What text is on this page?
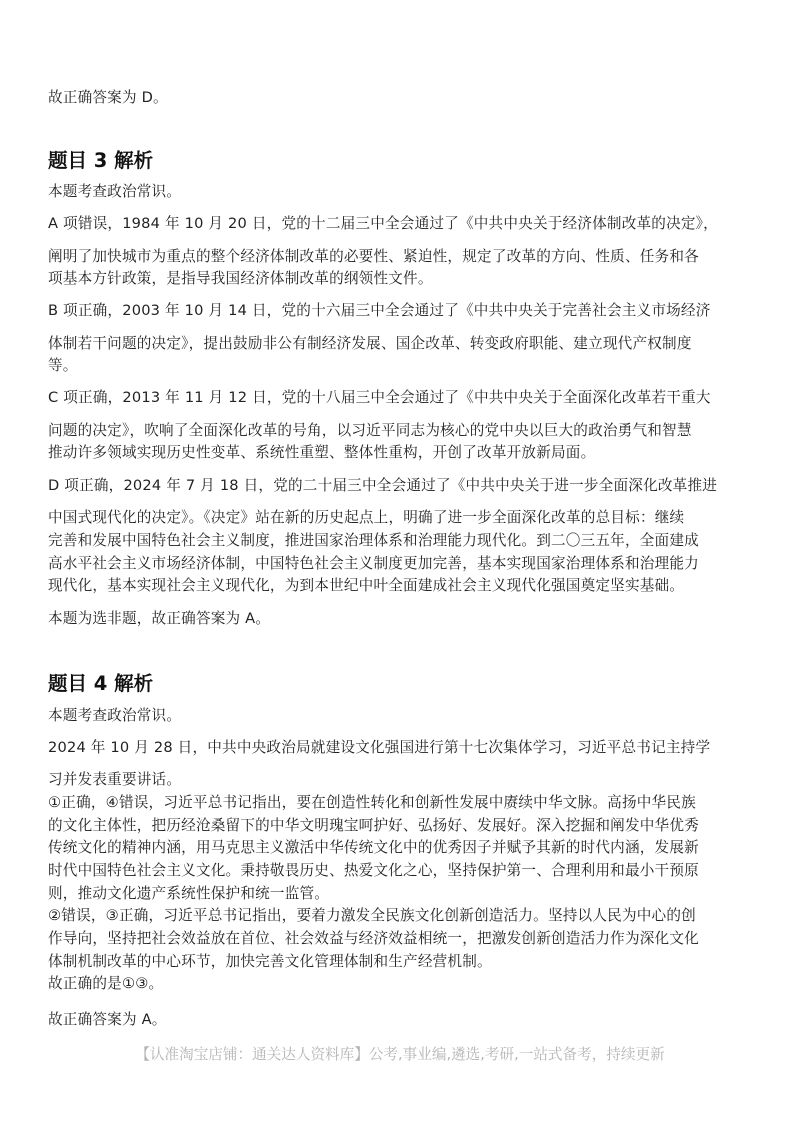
故正确答案为 D。
题目 3 解析
本题考查政治常识。
A 项错误，1984 年 10 月 20 日，党的十二届三中全会通过了《中共中央关于经济体制改革的决定》，
阐明了加快城市为重点的整个经济体制改革的必要性、紧迫性，规定了改革的方向、性质、任务和各
项基本方针政策，是指导我国经济体制改革的纲领性文件。
B 项正确，2003 年 10 月 14 日，党的十六届三中全会通过了《中共中央关于完善社会主义市场经济
体制若干问题的决定》，提出鼓励非公有制经济发展、国企改革、转变政府职能、建立现代产权制度
等。
C 项正确，2013 年 11 月 12 日，党的十八届三中全会通过了《中共中央关于全面深化改革若干重大
问题的决定》，吹响了全面深化改革的号角，以习近平同志为核心的党中央以巨大的政治勇气和智慧
推动许多领域实现历史性变革、系统性重塑、整体性重构，开创了改革开放新局面。
D 项正确，2024 年 7 月 18 日，党的二十届三中全会通过了《中共中央关于进一步全面深化改革推进
中国式现代化的决定》。《决定》站在新的历史起点上，明确了进一步全面深化改革的总目标：继续
完善和发展中国特色社会主义制度，推进国家治理体系和治理能力现代化。到二〇三五年，全面建成
高水平社会主义市场经济体制，中国特色社会主义制度更加完善，基本实现国家治理体系和治理能力
现代化，基本实现社会主义现代化，为到本世纪中叶全面建成社会主义现代化强国奠定坚实基础。
本题为选非题，故正确答案为 A。
题目 4 解析
本题考查政治常识。
2024 年 10 月 28 日，中共中央政治局就建设文化强国进行第十七次集体学习，习近平总书记主持学
习并发表重要讲话。
①正确，④错误，习近平总书记指出，要在创造性转化和创新性发展中赓续中华文脉。高扬中华民族
的文化主体性，把历经沧桑留下的中华文明瑰宝呵护好、弘扬好、发展好。深入挖掘和阐发中华优秀
传统文化的精神内涵，用马克思主义激活中华传统文化中的优秀因子并赋予其新的时代内涵，发展新
时代中国特色社会主义文化。秉持敬畏历史、热爱文化之心，坚持保护第一、合理利用和最小干预原
则，推动文化遗产系统性保护和统一监管。
②错误，③正确，习近平总书记指出，要着力激发全民族文化创新创造活力。坚持以人民为中心的创
作导向，坚持把社会效益放在首位、社会效益与经济效益相统一，把激发创新创造活力作为深化文化
体制机制改革的中心环节，加快完善文化管理体制和生产经营机制。
故正确的是①③。
故正确答案为 A。
【认准淘宝店铺：通关达人资料库】公考,事业编,遴选,考研,一站式备考，持续更新
